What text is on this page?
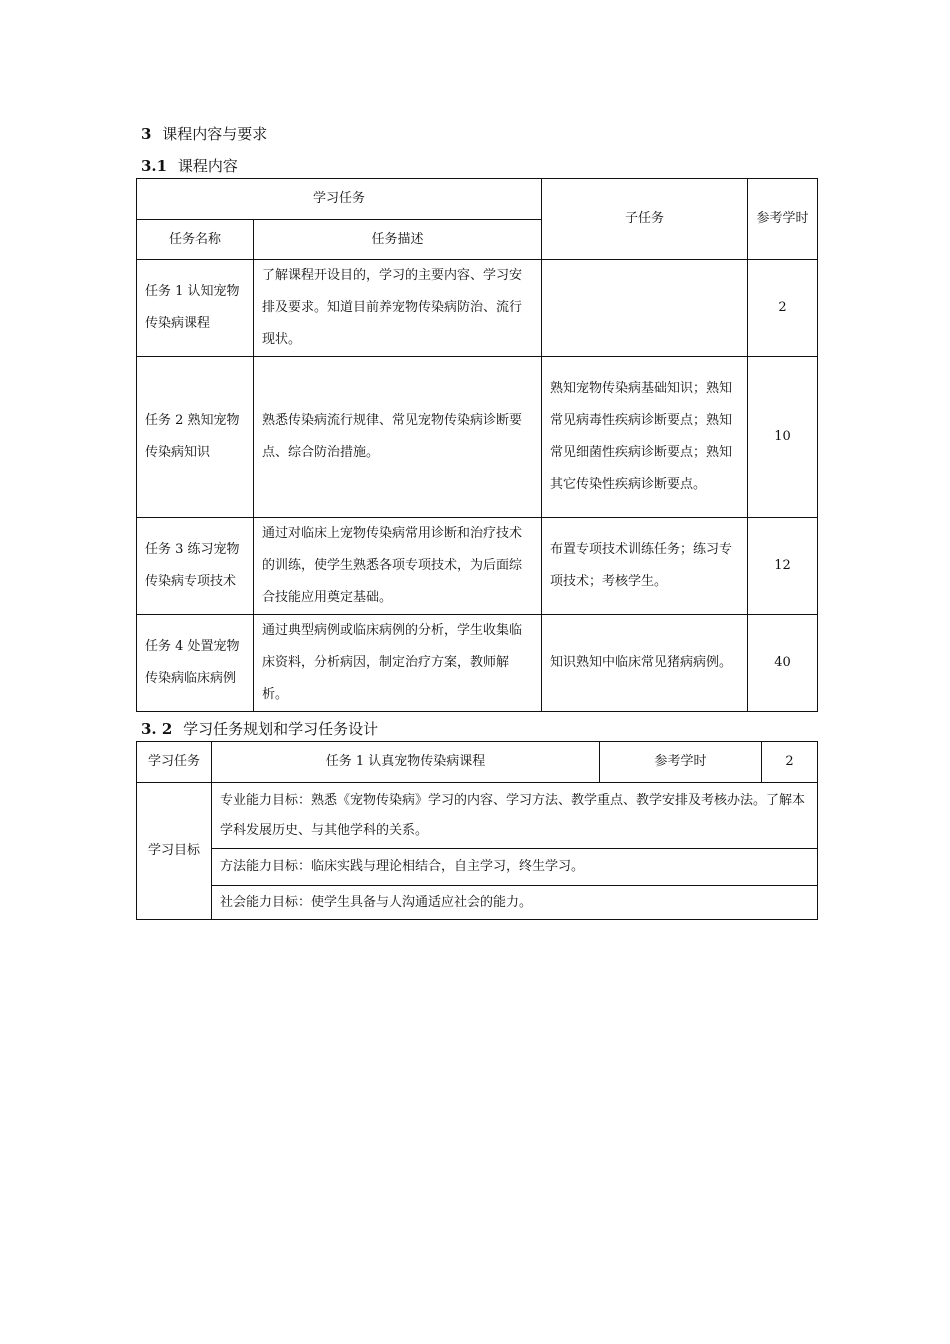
3 课程内容与要求
3.1 课程内容
学习任务		子任务	参考学时
任务名称	任务描述		
任务 1 认知宠物传染病课程	了解课程开设目的，学习的主要内容、学习安排及要求。知道目前养宠物传染病防治、流行现状。		2
任务 2 熟知宠物传染病知识	熟悉传染病流行规律、常见宠物传染病诊断要点、综合防治措施。	熟知宠物传染病基础知识；熟知常见病毒性疾病诊断要点；熟知常见细菌性疾病诊断要点；熟知其它传染性疾病诊断要点。	10
任务 3 练习宠物传染病专项技术	通过对临床上宠物传染病常用诊断和治疗技术的训练，使学生熟悉各项专项技术，为后面综合技能应用奠定基础。	布置专项技术训练任务；练习专项技术；考核学生。	12
任务 4 处置宠物传染病临床病例	通过典型病例或临床病例的分析，学生收集临床资料，分析病因，制定治疗方案，教师解析。	知识熟知中临床常见猪病病例。	40
3. 2 学习任务规划和学习任务设计
学习任务	任务 1 认真宠物传染病课程	参考学时	2
学习目标	专业能力目标：熟悉《宠物传染病》学习的内容、学习方法、教学重点、教学安排及考核办法。了解本学科发展历史、与其他学科的关系。		
	方法能力目标：临床实践与理论相结合，自主学习，终生学习。		
	社会能力目标：使学生具备与人沟通适应社会的能力。		
